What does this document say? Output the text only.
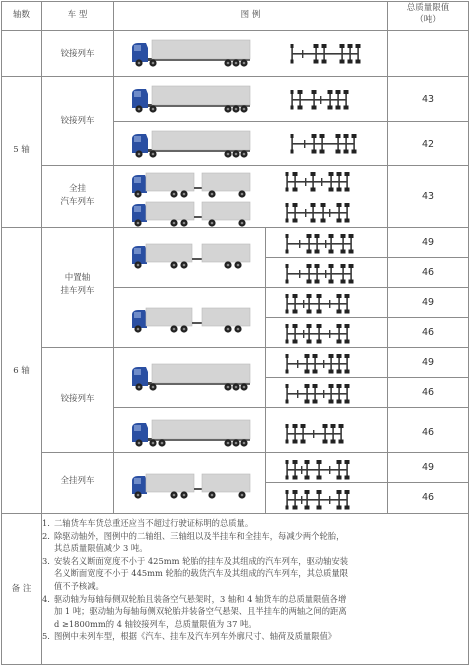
轴数	车 型	图 例
总质量限值
（吨）
5 轴
6 轴
铰接列车
铰接列车
全挂
汽车列车
中置轴
挂车列车
铰接列车
全挂列车
43
42
43
49
46
49
46
49
46
46
49
46
备 注
1. 二轴货车车货总重还应当不超过行驶证标明的总质量。
2. 除驱动轴外，图例中的二轴组、三轴组以及半挂车和全挂车，每减少两个轮胎，
其总质量限值减少 3 吨。
3. 安装名义断面宽度不小于 425mm 轮胎的挂车及其组成的汽车列车，驱动轴安装
名义断面宽度不小于 445mm 轮胎的载货汽车及其组成的汽车列车，其总质量限
值不予核减。
4. 驱动轴为每轴每侧双轮胎且装备空气悬架时，3 轴和 4 轴货车的总质量限值各增
加 1 吨；驱动轴为每轴每侧双轮胎并装备空气悬架、且半挂车的两轴之间的距离
d ≥1800mm的 4 轴铰接列车，总质量限值为 37 吨。
5. 图例中未列车型，根据《汽车、挂车及汽车列车外廓尺寸、轴荷及质量限值》
